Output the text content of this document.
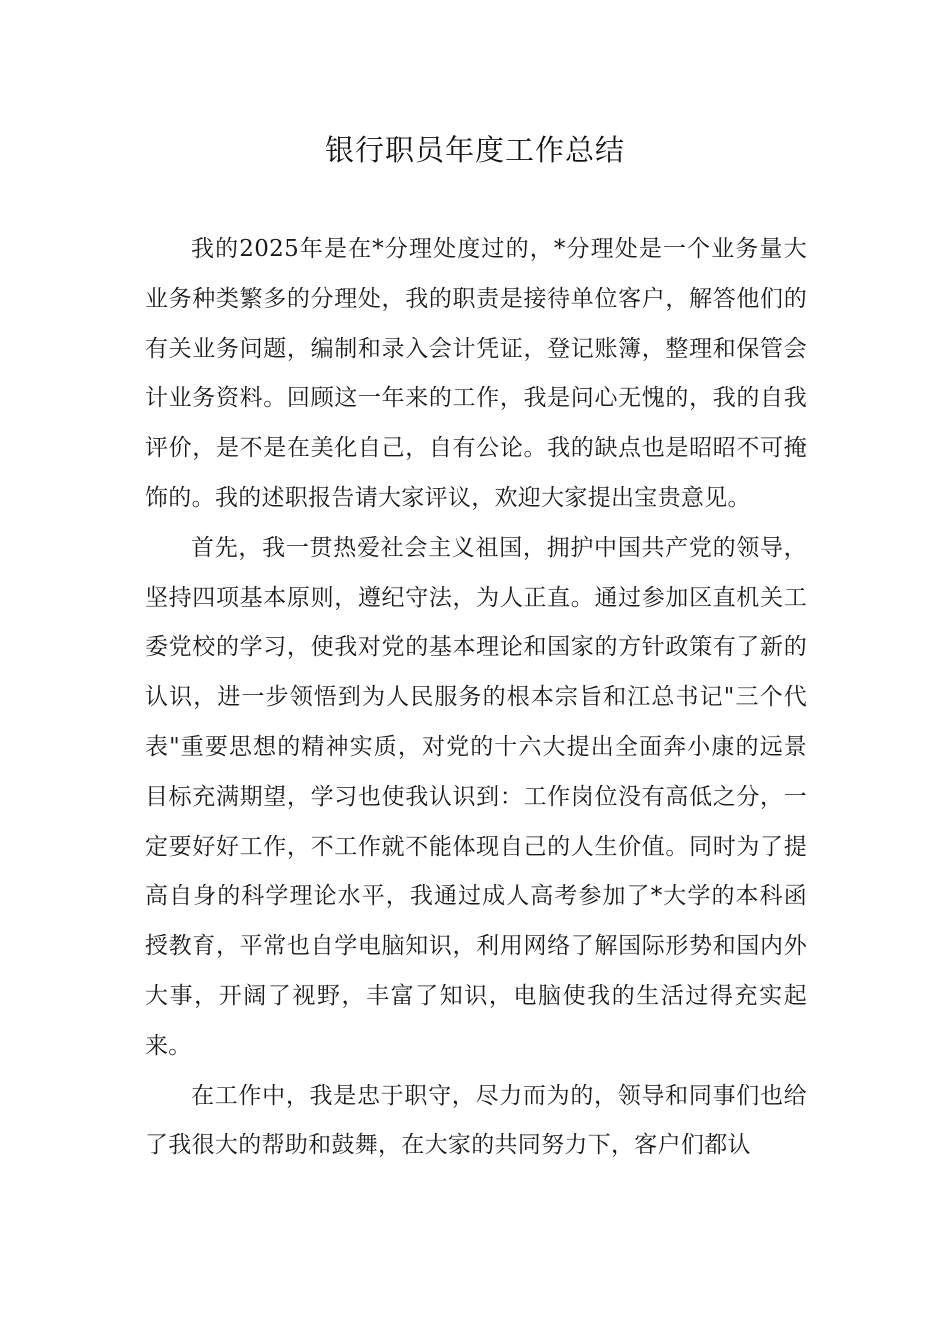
银行职员年度工作总结

我的2025年是在*分理处度过的，*分理处是一个业务量大业务种类繁多的分理处，我的职责是接待单位客户，解答他们的有关业务问题，编制和录入会计凭证，登记账簿，整理和保管会计业务资料。回顾这一年来的工作，我是问心无愧的，我的自我评价，是不是在美化自己，自有公论。我的缺点也是昭昭不可掩饰的。我的述职报告请大家评议，欢迎大家提出宝贵意见。

首先，我一贯热爱社会主义祖国，拥护中国共产党的领导，坚持四项基本原则，遵纪守法，为人正直。通过参加区直机关工委党校的学习，使我对党的基本理论和国家的方针政策有了新的认识，进一步领悟到为人民服务的根本宗旨和江总书记"三个代表"重要思想的精神实质，对党的十六大提出全面奔小康的远景目标充满期望，学习也使我认识到：工作岗位没有高低之分，一定要好好工作，不工作就不能体现自己的人生价值。同时为了提高自身的科学理论水平，我通过成人高考参加了*大学的本科函授教育，平常也自学电脑知识，利用网络了解国际形势和国内外大事，开阔了视野，丰富了知识，电脑使我的生活过得充实起来。

在工作中，我是忠于职守，尽力而为的，领导和同事们也给了我很大的帮助和鼓舞，在大家的共同努力下，客户们都认
